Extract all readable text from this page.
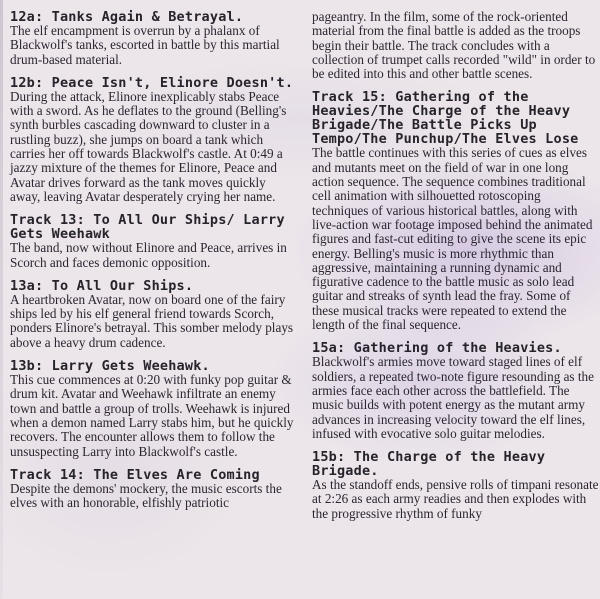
12a: Tanks Again & Betrayal.

The elf encampment is overrun by a phalanx of Blackwolf's tanks, escorted in battle by this martial drum-based material.

12b: Peace Isn't, Elinore Doesn't.

During the attack, Elinore inexplicably stabs Peace with a sword. As he deflates to the ground (Belling's synth burbles cascading downward to cluster in a rustling buzz), she jumps on board a tank which carries her off towards Blackwolf's castle. At 0:49 a jazzy mixture of the themes for Elinore, Peace and Avatar drives forward as the tank moves quickly away, leaving Avatar desperately crying her name.

Track 13: To All Our Ships/ Larry Gets Weehawk

The band, now without Elinore and Peace, arrives in Scorch and faces demonic opposition.

13a: To All Our Ships.

A heartbroken Avatar, now on board one of the fairy ships led by his elf general friend towards Scorch, ponders Elinore's betrayal. This somber melody plays above a heavy drum cadence.

13b: Larry Gets Weehawk.

This cue commences at 0:20 with funky pop guitar & drum kit. Avatar and Weehawk infiltrate an enemy town and battle a group of trolls. Weehawk is injured when a demon named Larry stabs him, but he quickly recovers. The encounter allows them to follow the unsuspecting Larry into Blackwolf's castle.

Track 14: The Elves Are Coming

Despite the demons' mockery, the music escorts the elves with an honorable, elfishly patriotic

pageantry. In the film, some of the rock-oriented material from the final battle is added as the troops begin their battle. The track concludes with a collection of trumpet calls recorded "wild" in order to be edited into this and other battle scenes.

Track 15: Gathering of the Heavies/The Charge of the Heavy Brigade/The Battle Picks Up Tempo/The Punchup/The Elves Lose

The battle continues with this series of cues as elves and mutants meet on the field of war in one long action sequence. The sequence combines traditional cell animation with silhouetted rotoscoping techniques of various historical battles, along with live-action war footage imposed behind the animated figures and fast-cut editing to give the scene its epic energy. Belling's music is more rhythmic than aggressive, maintaining a running dynamic and figurative cadence to the battle music as solo lead guitar and streaks of synth lead the fray. Some of these musical tracks were repeated to extend the length of the final sequence.

15a: Gathering of the Heavies.

Blackwolf's armies move toward staged lines of elf soldiers, a repeated two-note figure resounding as the armies face each other across the battlefield. The music builds with potent energy as the mutant army advances in increasing velocity toward the elf lines, infused with evocative solo guitar melodies.

15b: The Charge of the Heavy Brigade.

As the standoff ends, pensive rolls of timpani resonate at 2:26 as each army readies and then explodes with the progressive rhythm of funky
